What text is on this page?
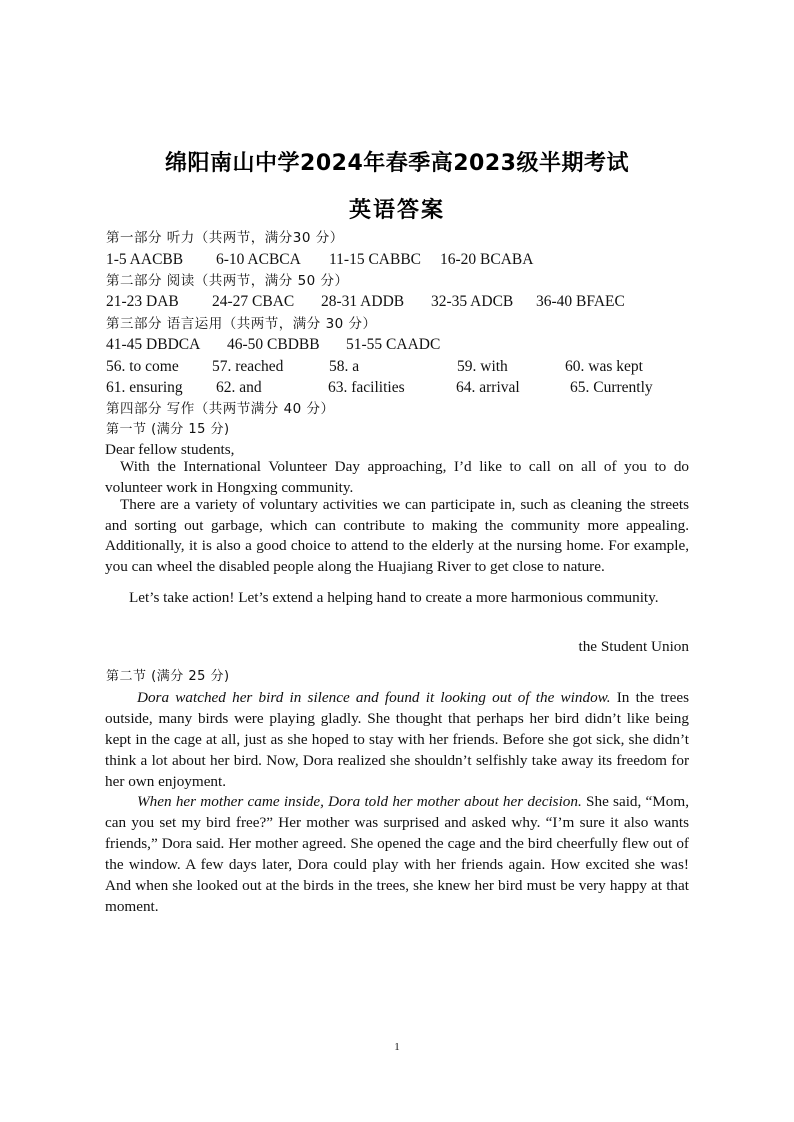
绵阳南山中学2024年春季高2023级半期考试
英语答案
第一部分 听力（共两节，满分30 分）
1-5 AACBB 6-10 ACBCA 11-15 CABBC 16-20 BCABA
第二部分 阅读（共两节，满分 50 分）
21-23 DAB 24-27 CBAC 28-31 ADDB 32-35 ADCB 36-40 BFAEC
第三部分 语言运用（共两节，满分 30 分）
41-45 DBDCA 46-50 CBDBB 51-55 CAADC
56. to come 57. reached	58. a	59. with	60. was kept
61. ensuring 62. and	63. facilities	64. arrival	65. Currently
第四部分 写作（共两节满分 40 分）
第一节 (满分 15 分)
Dear fellow students,
With the International Volunteer Day approaching, I’d like to call on all of you to do volunteer work in Hongxing community.
There are a variety of voluntary activities we can participate in, such as cleaning the streets and sorting out garbage, which can contribute to making the community more appealing. Additionally, it is also a good choice to attend to the elderly at the nursing home. For example, you can wheel the disabled people along the Huajiang River to get close to nature.
Let’s take action! Let’s extend a helping hand to create a more harmonious community.
the Student Union
第二节 (满分 25 分)
Dora watched her bird in silence and found it looking out of the window. In the trees outside, many birds were playing gladly. She thought that perhaps her bird didn’t like being kept in the cage at all, just as she hoped to stay with her friends. Before she got sick, she didn’t think a lot about her bird. Now, Dora realized she shouldn’t selfishly take away its freedom for her own enjoyment.
When her mother came inside, Dora told her mother about her decision. She said, “Mom, can you set my bird free?” Her mother was surprised and asked why. “I’m sure it also wants friends,” Dora said. Her mother agreed. She opened the cage and the bird cheerfully flew out of the window. A few days later, Dora could play with her friends again. How excited she was! And when she looked out at the birds in the trees, she knew her bird must be very happy at that moment.
1
